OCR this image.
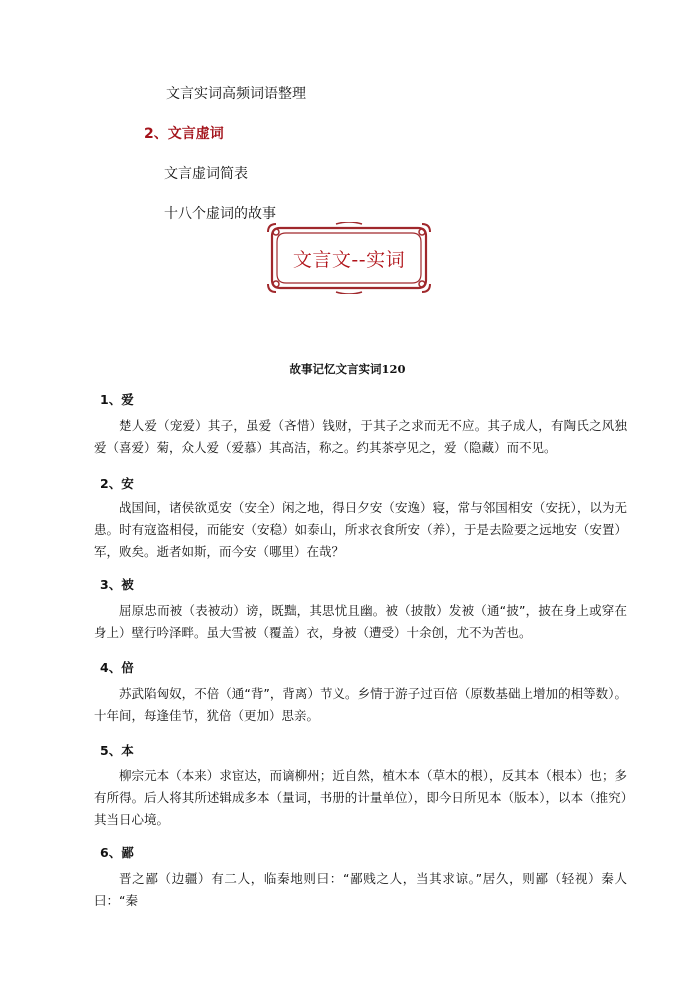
文言实词高频词语整理
2、文言虚词
文言虚词简表
十八个虚词的故事
文言文--实词
故事记忆文言实词120
1、爱
楚人爱（宠爱）其子，虽爱（吝惜）钱财，于其子之求而无不应。其子成人，有陶氏之风独爱（喜爱）菊，众人爱（爱慕）其高洁，称之。约其茶亭见之，爱（隐藏）而不见。
2、安
战国间，诸侯欲觅安（安全）闲之地，得日夕安（安逸）寝，常与邻国相安（安抚），以为无患。时有寇盗相侵，而能安（安稳）如泰山，所求衣食所安（养），于是去险要之远地安（安置）军，败矣。逝者如斯，而今安（哪里）在哉？
3、被
屈原忠而被（表被动）谤，既黜，其思忧且幽。被（披散）发被（通“披”，披在身上或穿在身上）壁行吟泽畔。虽大雪被（覆盖）衣，身被（遭受）十余创，尤不为苦也。
4、倍
苏武陷匈奴，不倍（通“背”，背离）节义。乡情于游子过百倍（原数基础上增加的相等数）。十年间，每逢佳节，犹倍（更加）思亲。
5、本
柳宗元本（本来）求宦达，而谪柳州；近自然，植木本（草木的根），反其本（根本）也；多有所得。后人将其所述辑成多本（量词，书册的计量单位），即今日所见本（版本），以本（推究）其当日心境。
6、鄙
晋之鄙（边疆）有二人，临秦地则曰：“鄙贱之人，当其求谅。”居久，则鄙（轻视）秦人曰：“秦
